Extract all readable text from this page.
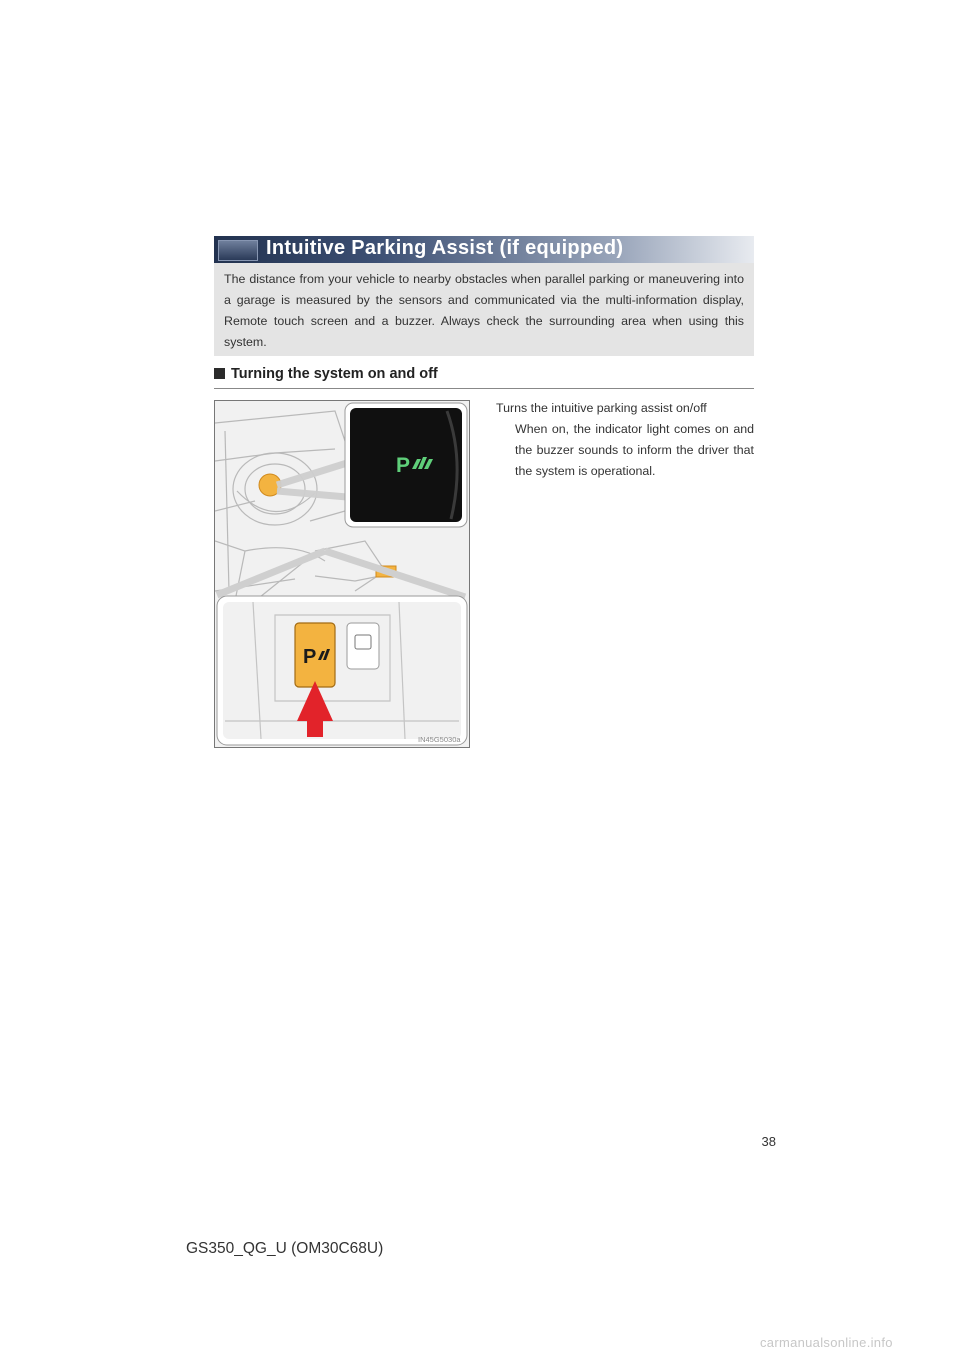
Intuitive Parking Assist (if equipped)
The distance from your vehicle to nearby obstacles when parallel parking or maneuvering into a garage is measured by the sensors and communicated via the multi-information display, Remote touch screen and a buzzer. Always check the surrounding area when using this system.
Turning the system on and off
P
P
IN45G5030a
Turns the intuitive parking assist on/off
When on, the indicator light comes on and the buzzer sounds to inform the driver that the system is operational.
38
GS350_QG_U (OM30C68U)
carmanualsonline.info
